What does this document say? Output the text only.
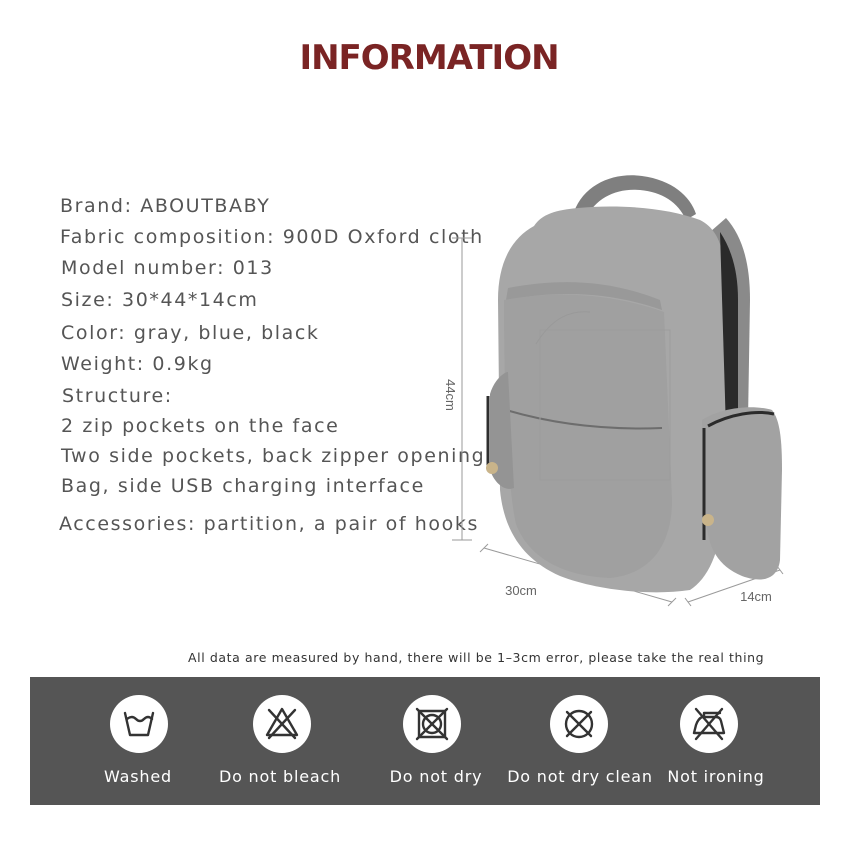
INFORMATION
Brand: ABOUTBABY
Fabric composition: 900D Oxford cloth
Model number: 013
Size: 30*44*14cm
Color: gray, blue, black
Weight: 0.9kg
Structure:
2 zip pockets on the face
Two side pockets, back zipper opening
Bag, side USB charging interface
Accessories: partition, a pair of hooks
44cm
30cm	14cm
All data are measured by hand, there will be 1–3cm error, please take the real thing
Washed	Do not bleach	Do not dry	Do not dry clean Not ironing
